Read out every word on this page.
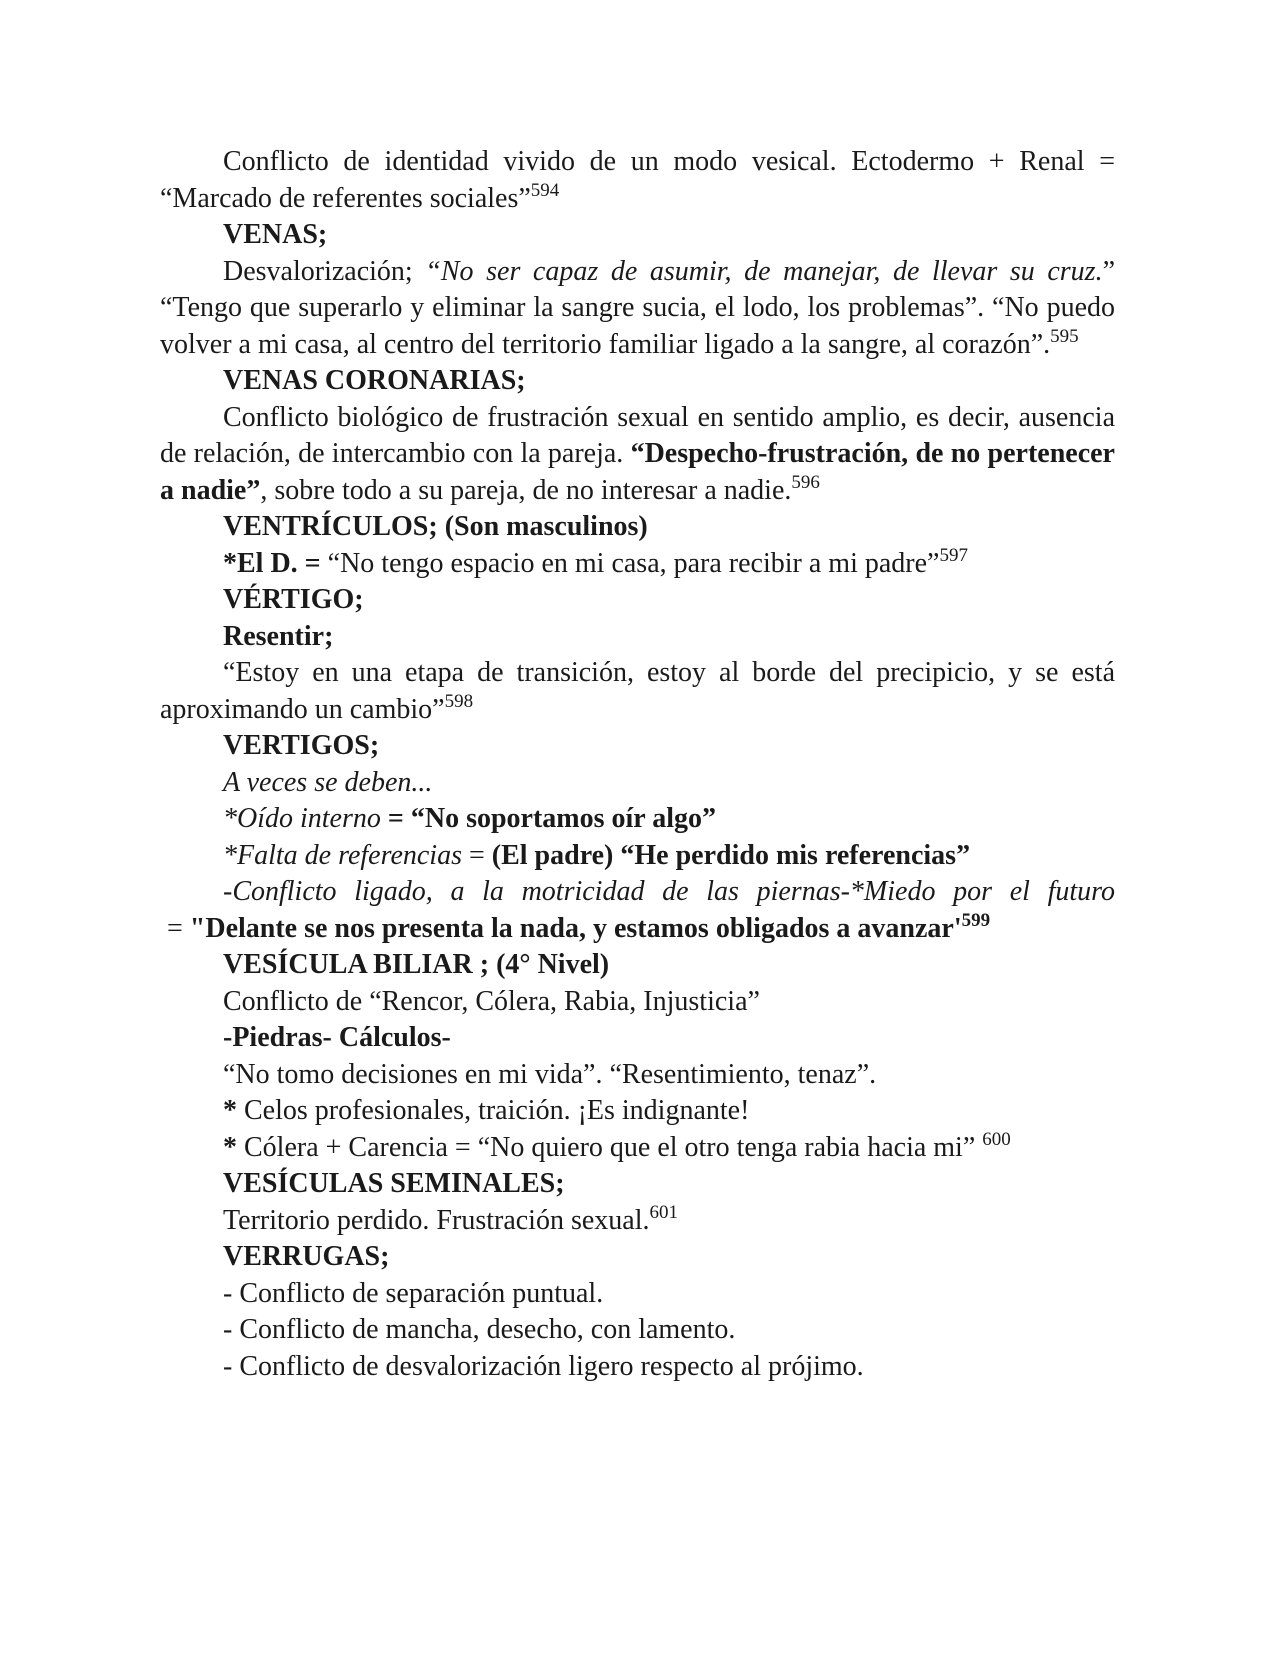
Conflicto de identidad vivido de un modo vesical. Ectodermo + Renal = “Marcado de referentes sociales”$^{594}$

VENAS;

Desvalorización; “No ser capaz de asumir, de manejar, de llevar su cruz.” “Tengo que superarlo y eliminar la sangre sucia, el lodo, los problemas”. “No puedo volver a mi casa, al centro del territorio familiar ligado a la sangre, al corazón”.$^{595}$

VENAS CORONARIAS;

Conflicto biológico de frustración sexual en sentido amplio, es decir, ausencia de relación, de intercambio con la pareja. “Despecho-frustración, de no pertenecer a nadie”, sobre todo a su pareja, de no interesar a nadie.$^{596}$

VENTRÍCULOS; (Son masculinos)

*El D. = “No tengo espacio en mi casa, para recibir a mi padre”$^{597}$

VÉRTIGO;

Resentir;

“Estoy en una etapa de transición, estoy al borde del precipicio, y se está aproximando un cambio”$^{598}$

VERTIGOS;

A veces se deben...

*Oído interno = “No soportamos oír algo”

*Falta de referencias = (El padre) “He perdido mis referencias”

-Conflicto ligado, a la motricidad de las piernas-*Miedo por el futuro = "Delante se nos presenta la nada, y estamos obligados a $avanzar'^{599}$

VESÍCULA BILIAR ; (4° Nivel)

Conflicto de “Rencor, Cólera, Rabia, Injusticia”

-Piedras- Cálculos-

“No tomo decisiones en mi vida”. “Resentimiento, tenaz”.

* Celos profesionales, traición. ¡Es indignante!

* Cólera + Carencia = “No quiero que el otro tenga rabia hacia mi” $^{600}$

VESÍCULAS SEMINALES;

Territorio perdido. Frustración sexual.$^{601}$

VERRUGAS;

- Conflicto de separación puntual.

- Conflicto de mancha, desecho, con lamento.

- Conflicto de desvalorización ligero respecto al prójimo.
